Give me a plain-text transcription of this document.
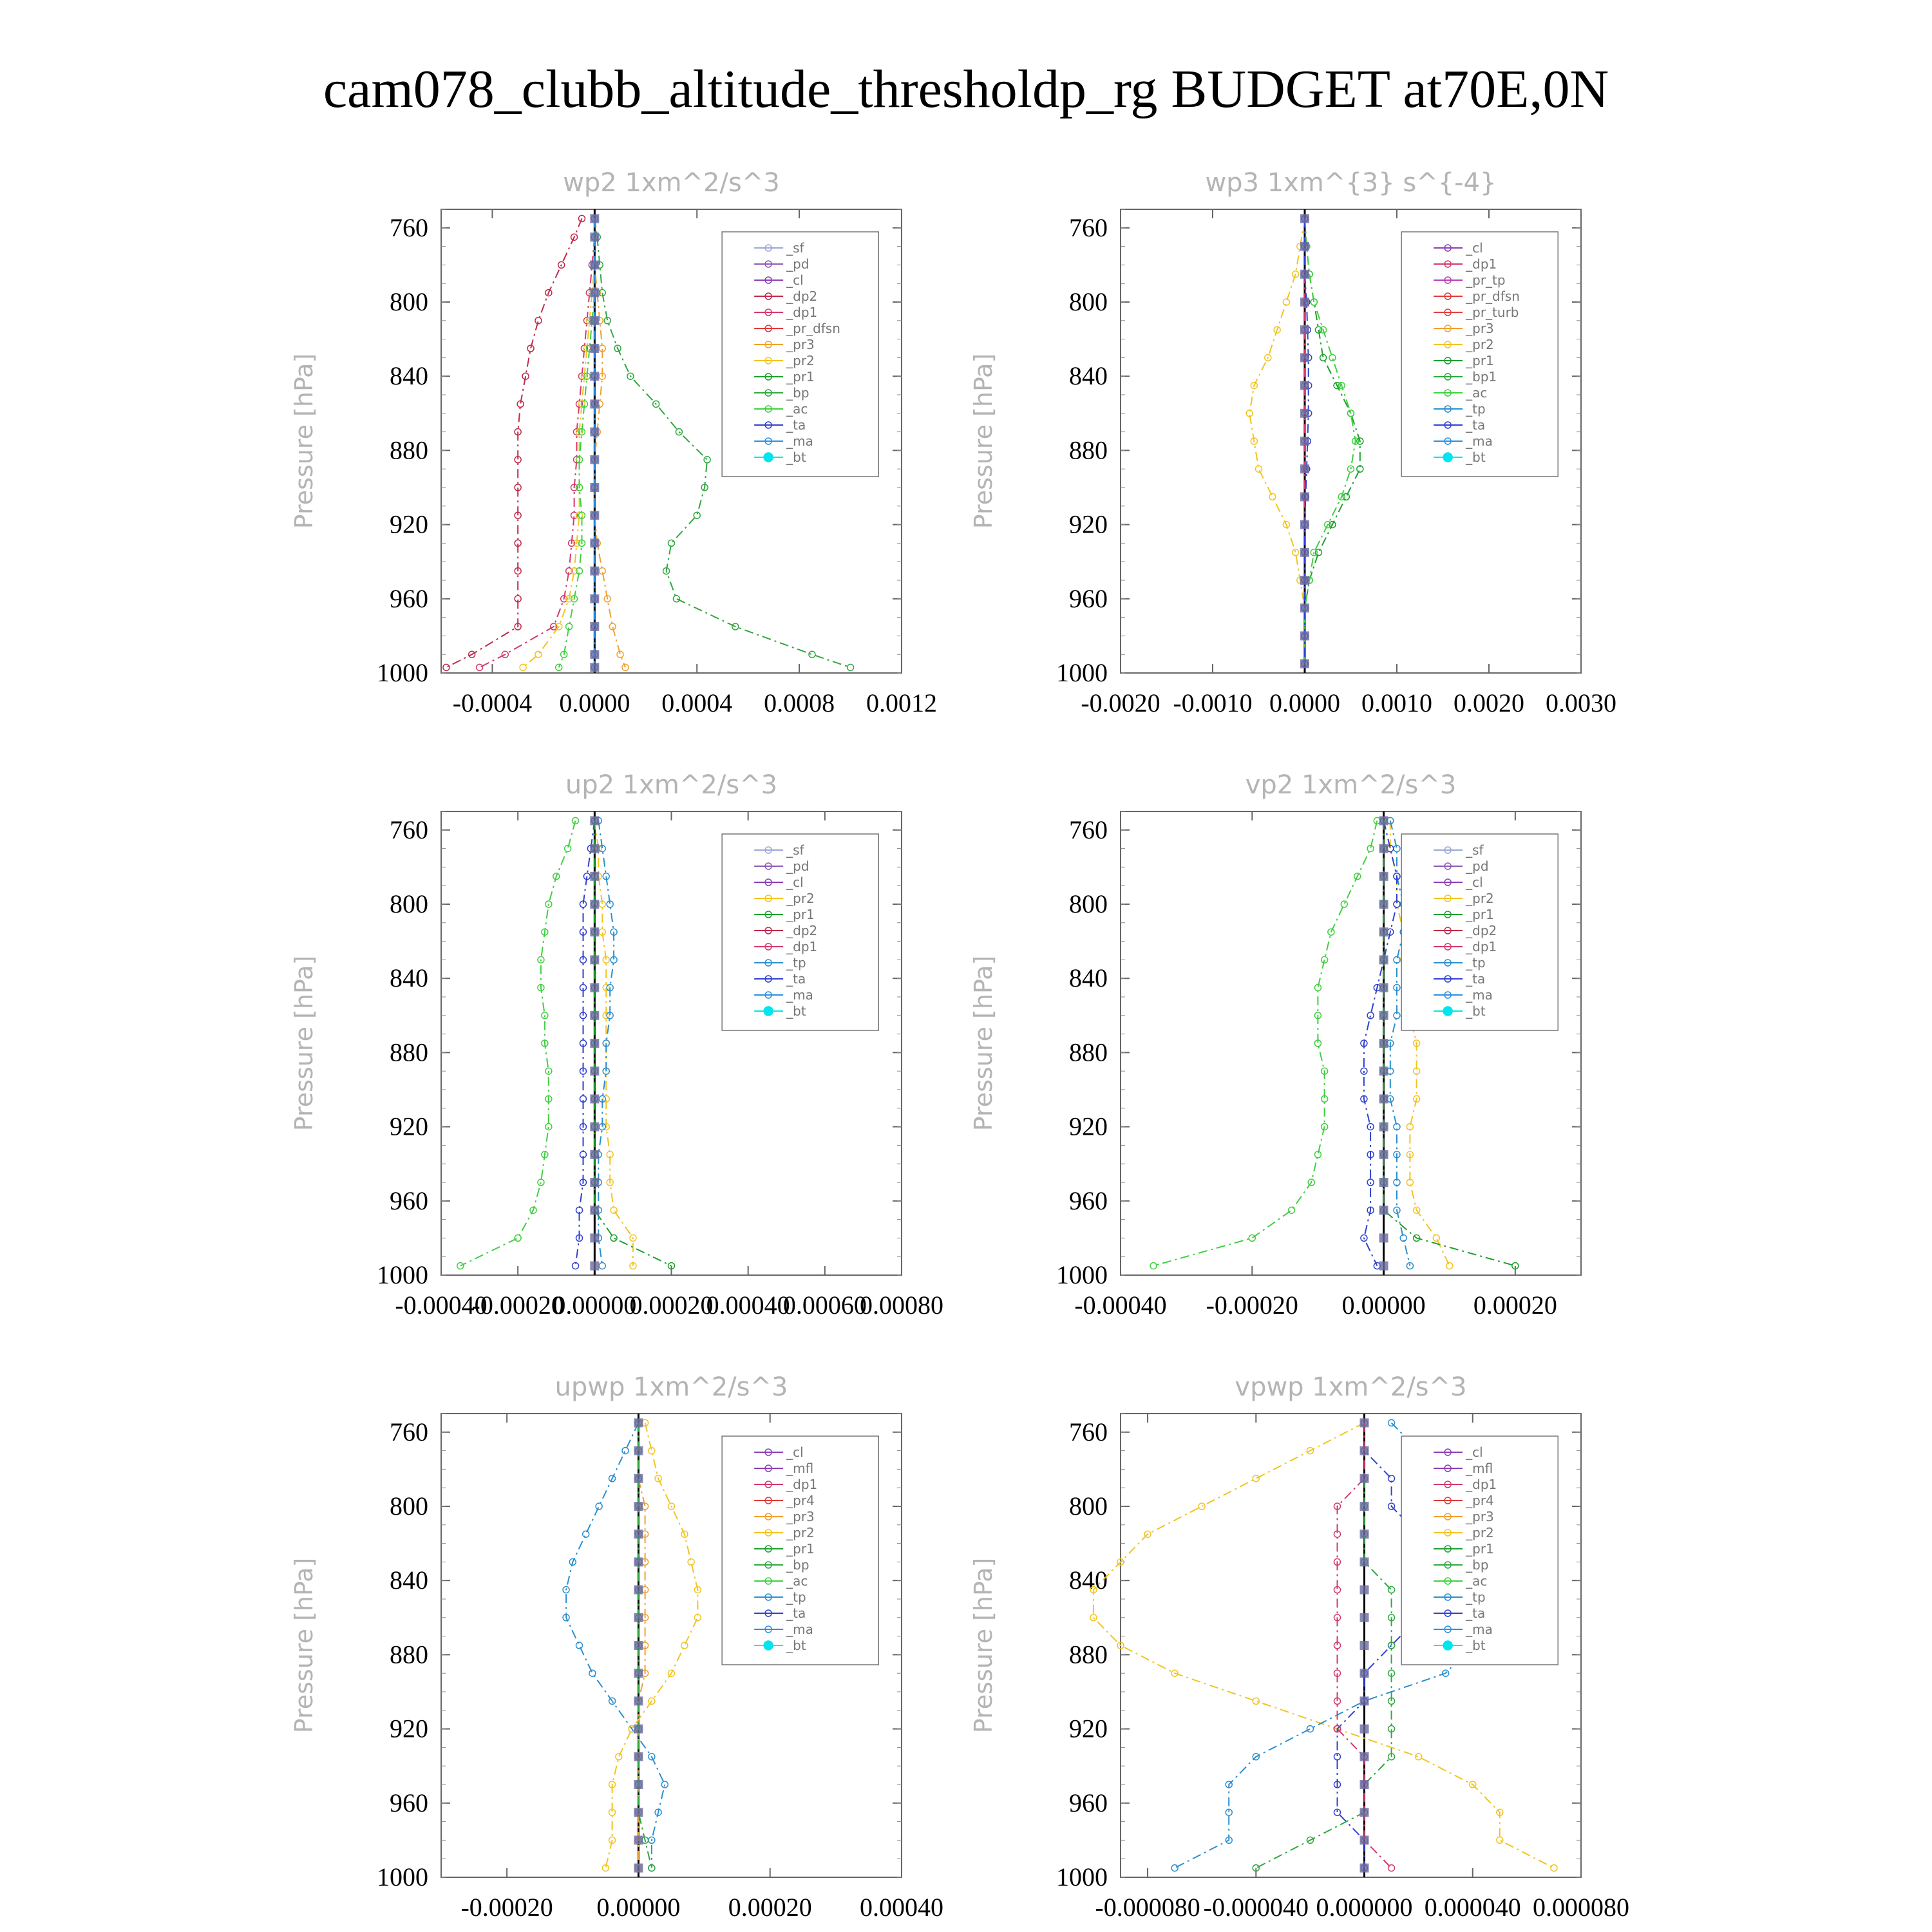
cam078_clubb_altitude_thresholdp_rg BUDGET at70E,0N
wp2 1xm^2/s^3
Pressure [hPa]
760
800
840
880
920
960
1000
-0.0004 0.0000 0.0004 0.0008 0.0012
_sf
_pd
_cl
_dp2
_dp1
_pr_dfsn
_pr3
_pr2
_pr1
_bp
_ac
_ta
_ma
_bt
wp3 1xm^{3} s^{-4}
Pressure [hPa]
760
800
840
880
920
960
1000
-0.0020 -0.0010 0.0000 0.0010 0.0020 0.0030
_cl
_dp1
_pr_tp
_pr_dfsn
_pr_turb
_pr3
_pr2
_pr1
_bp1
_ac
_tp
_ta
_ma
_bt
up2 1xm^2/s^3
Pressure [hPa]
760
800
840
880
920
960
1000
-0.00040
-0.00020
0.00000
0.00020
0.00040
0.00060
0.00080
_sf
_pd
_cl
_pr2
_pr1
_dp2
_dp1
_tp
_ta
_ma
_bt
vp2 1xm^2/s^3
Pressure [hPa]
760
800
840
880
920
960
1000
-0.00040 -0.00020 0.00000 0.00020
_sf
_pd
_cl
_pr2
_pr1
_dp2
_dp1
_tp
_ta
_ma
_bt
upwp 1xm^2/s^3
Pressure [hPa]
760
800
840
880
920
960
1000
-0.00020 0.00000 0.00020 0.00040
_cl
_mfl
_dp1
_pr4
_pr3
_pr2
_pr1
_bp
_ac
_tp
_ta
_ma
_bt
vpwp 1xm^2/s^3
Pressure [hPa]
760
800
840
880
920
960
1000
-0.000080 -0.000040 0.000000 0.000040 0.000080
_cl
_mfl
_dp1
_pr4
_pr3
_pr2
_pr1
_bp
_ac
_tp
_ta
_ma
_bt
